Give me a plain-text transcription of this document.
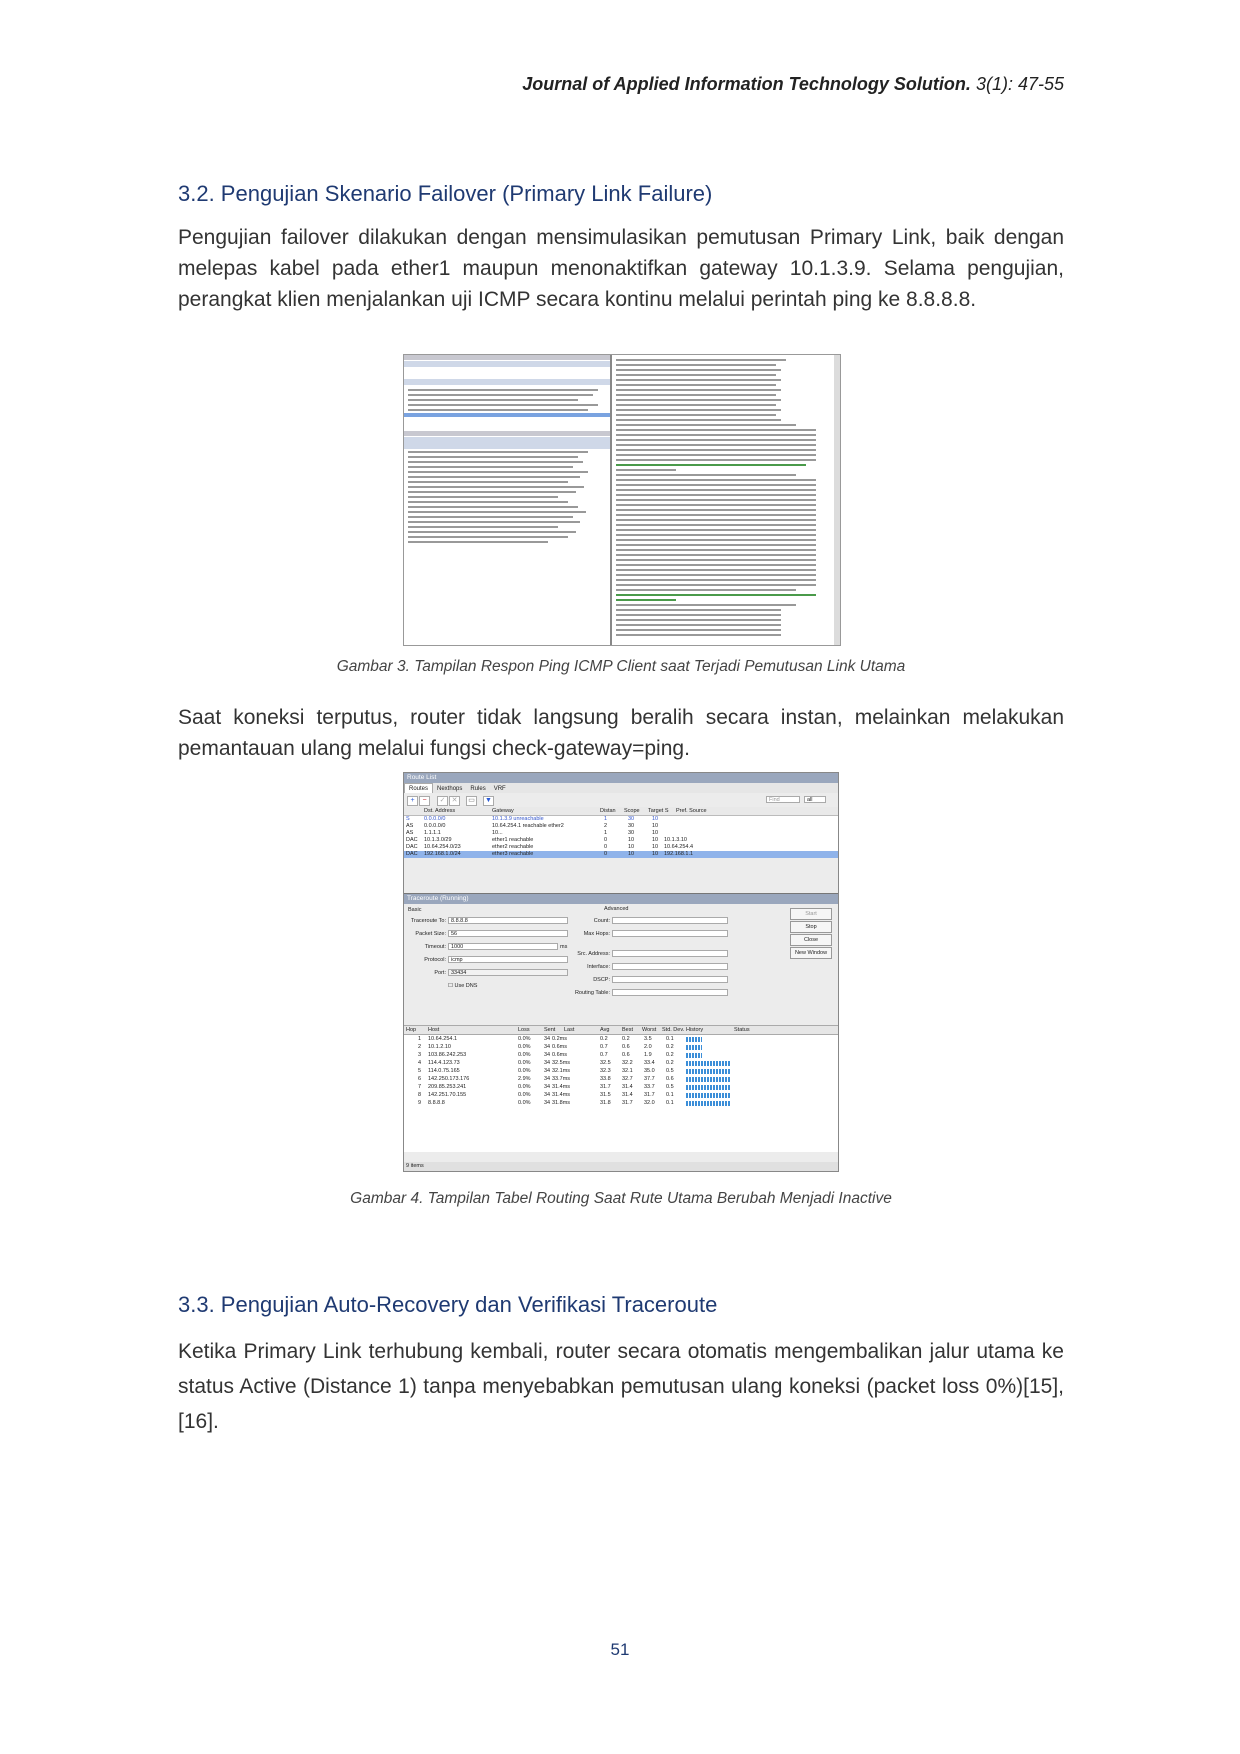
Journal of Applied Information Technology Solution. 3(1): 47-55
3.2. Pengujian Skenario Failover (Primary Link Failure)
Pengujian failover dilakukan dengan mensimulasikan pemutusan Primary Link, baik dengan melepas kabel pada ether1 maupun menonaktifkan gateway 10.1.3.9. Selama pengujian, perangkat klien menjalankan uji ICMP secara kontinu melalui perintah ping ke 8.8.8.8.
Gambar 3. Tampilan Respon Ping ICMP Client saat Terjadi Pemutusan Link Utama
Saat koneksi terputus, router tidak langsung beralih secara instan, melainkan melakukan pemantauan ulang melalui fungsi check-gateway=ping.
Route List
Routes Nexthops Rules VRF
+	−	✓ ✕	▭	▼	Find	all
Dst. Address	Gateway	Distan Scope Target S Pref. Source
S	0.0.0.0/0	10.1.3.9 unreachable	1	30	10
AS 0.0.0.0/0	10.64.254.1 reachable ether2	2	30	10
AS 1.1.1.1	10...	1	30	10
DAC 10.1.3.0/29	ether1 reachable	0	10	10 10.1.3.10
DAC 10.64.254.0/23	ether2 reachable	0	10	10 10.64.254.4
DAC 192.168.1.0/24	ether3 reachable	0	10	10 192.168.1.1
Traceroute (Running)
Basic	Advanced
Traceroute To: 8.8.8.8
Packet Size: 56
Timeout: 1000	ms
Protocol: icmp
Port: 33434
☐ Use DNS
Count:
Max Hops:
Src. Address:
Interface:
DSCP:
Routing Table:
Start
Stop
Close
New Window
Hop Host	Loss	Sent Last	Avg Best Worst Std. Dev. History	Status
1 10.64.254.1	0.0% 34 0.2ms	0.2	0.2	3.5	0.1
2 10.1.2.10	0.0% 34 0.6ms	0.7	0.6	2.0	0.2
3 103.86.242.253	0.0% 34 0.6ms	0.7	0.6	1.9	0.2
4 114.4.123.73	0.0% 34 32.5ms	32.5 32.2 33.4 0.2
5 114.0.75.165	0.0% 34 32.1ms	32.3 32.1 35.0 0.5
6 142.250.173.176	2.9% 34 33.7ms	33.8 32.7 37.7 0.6
7 209.85.253.241	0.0% 34 31.4ms	31.7 31.4 33.7 0.5
8 142.251.70.155	0.0% 34 31.4ms	31.5 31.4 31.7 0.1
9 8.8.8.8	0.0% 34 31.8ms	31.8 31.7 32.0 0.1
9 items
Gambar 4. Tampilan Tabel Routing Saat Rute Utama Berubah Menjadi Inactive
3.3. Pengujian Auto-Recovery dan Verifikasi Traceroute
Ketika Primary Link terhubung kembali, router secara otomatis mengembalikan jalur utama ke status Active (Distance 1) tanpa menyebabkan pemutusan ulang koneksi (packet loss 0%)[15], [16].
51
